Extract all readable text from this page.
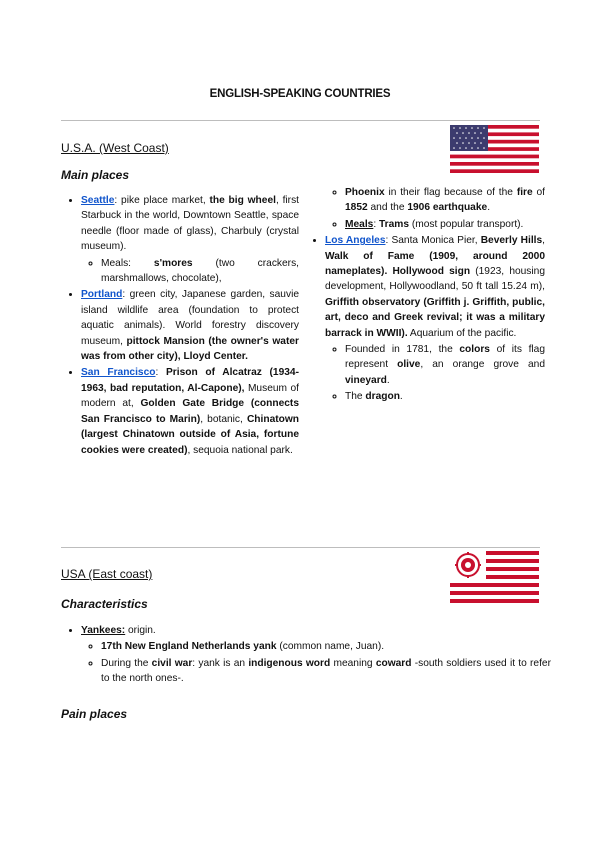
ENGLISH-SPEAKING COUNTRIES
U.S.A. (West Coast)
Main places
• Seattle: pike place market, the big wheel, first Starbuck in the world, Downtown Seattle, space needle (floor made of glass), Charbuly (crystal museum).
◦ Meals: s'mores (two crackers, marshmallows, chocolate),
• Portland: green city, Japanese garden, sauvie island wildlife area (foundation to protect aquatic animals). World forestry discovery museum, pittock Mansion (the owner's water was from other city), Lloyd Center.
• San Francisco: Prison of Alcatraz (1934-1963, bad reputation, Al-Capone), Museum of modern at, Golden Gate Bridge (connects San Francisco to Marin), botanic, Chinatown (largest Chinatown outside of Asia, fortune cookies were created), sequoia national park.
◦ Phoenix in their flag because of the fire of 1852 and the 1906 earthquake.
◦ Meals: Trams (most popular transport).
• Los Angeles: Santa Monica Pier, Beverly Hills, Walk of Fame (1909, around 2000 nameplates). Hollywood sign (1923, housing development, Hollywoodland, 50 ft tall 15.24 m), Griffith observatory (Griffith j. Griffith, public, art, deco and Greek revival; it was a military barrack in WWII). Aquarium of the pacific.
◦ Founded in 1781, the colors of its flag represent olive, an orange grove and vineyard.
◦ The dragon.
USA (East coast)
Characteristics
• Yankees: origin.
◦ 17th New England Netherlands yank (common name, Juan).
◦ During the civil war: yank is an indigenous word meaning coward -south soldiers used it to refer to the north ones-.
Pain places
